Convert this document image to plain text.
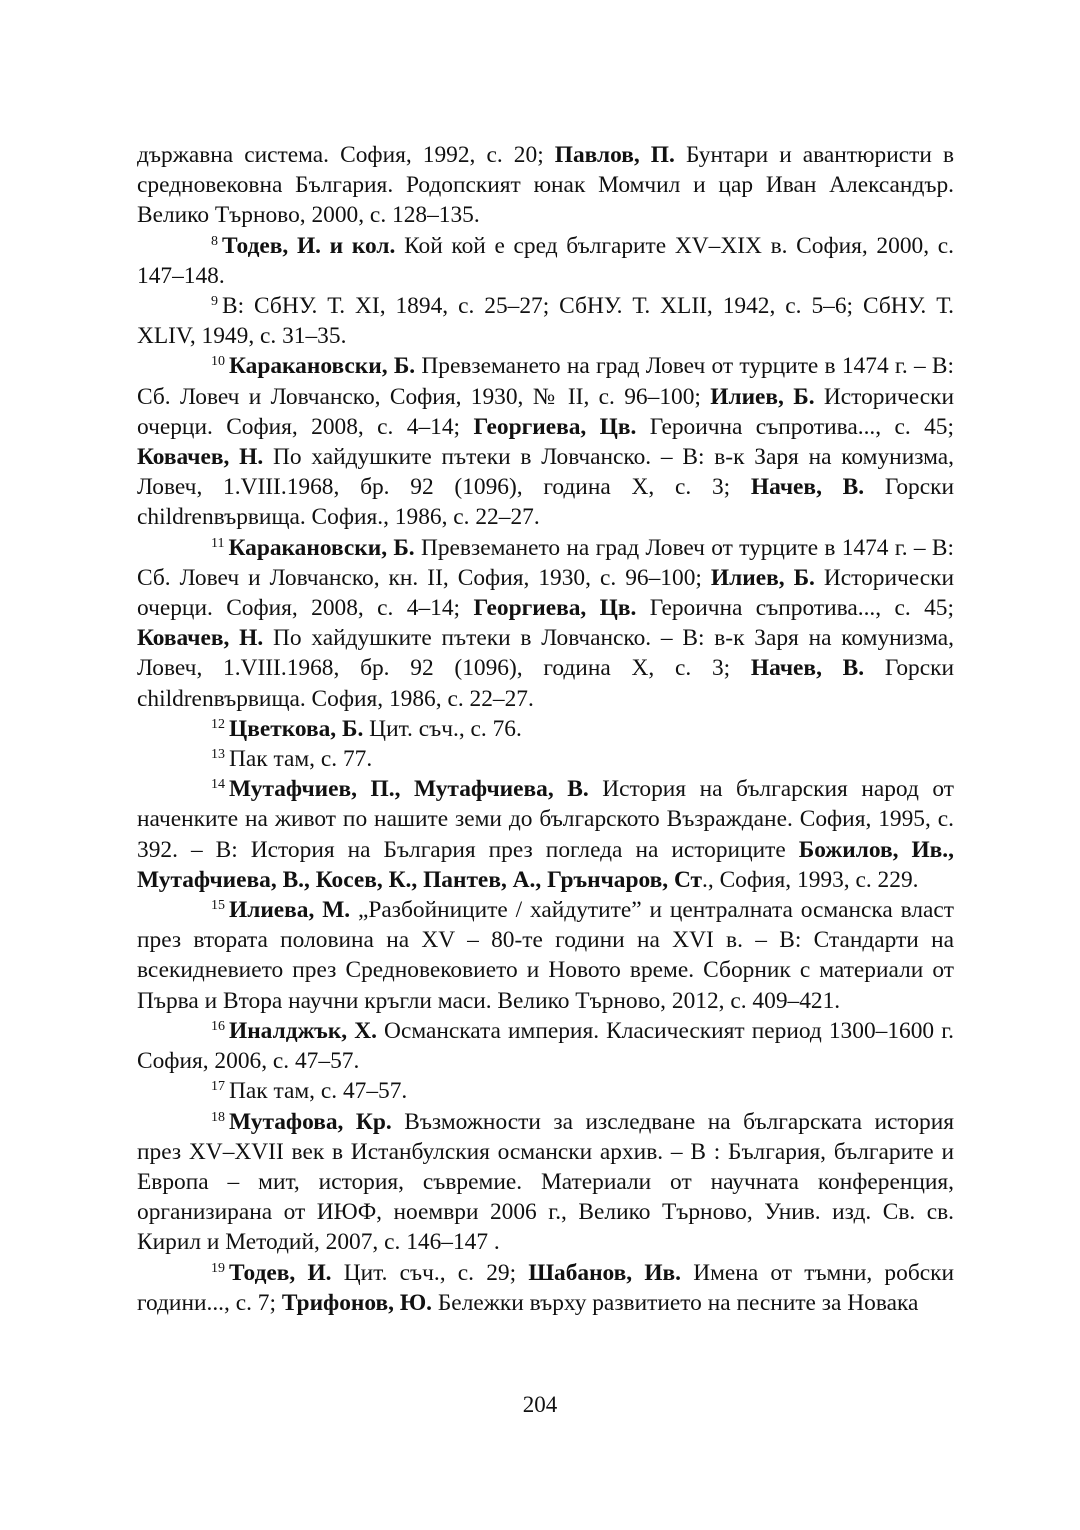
държавна система. София, 1992, с. 20; Павлов, П. Бунтари и авантюристи в средновековна България. Родопският юнак Момчил и цар Иван Александър. Велико Търново, 2000, с. 128–135.

$^8$ Тодев, И. и кол. Кой кой е сред българите XV–XIX в. София, 2000, с. 147–148.

$^9$ В: СбНУ. Т. XI, 1894, с. 25–27; СбНУ. Т. XLII, 1942, с. 5–6; СбНУ. Т. XLIV, 1949, с. 31–35.

$^{10}$ Каракановски, Б. Превземането на град Ловеч от турците в 1474 г. – В: Сб. Ловеч и Ловчанско, София, 1930, № II, с. 96–100; Илиев, Б. Исторически очерци. София, 2008, с. 4–14; Георгиева, Цв. Героична съпротива..., с. 45; Ковачев, Н. По хайдушките пътеки в Ловчанско. – В: в-к Заря на комунизма, Ловеч, 1.VIII.1968, бр. 92 (1096), година X, с. 3; Начев, В. Горски childrenвървища. София., 1986, с. 22–27.

$^{11}$ Каракановски, Б. Превземането на град Ловеч от турците в 1474 г. – В: Сб. Ловеч и Ловчанско, кн. II, София, 1930, с. 96–100; Илиев, Б. Исторически очерци. София, 2008, с. 4–14; Георгиева, Цв. Героична съпротива..., с. 45; Ковачев, Н. По хайдушките пътеки в Ловчанско. – В: в-к Заря на комунизма, Ловеч, 1.VIII.1968, бр. 92 (1096), година X, с. 3; Начев, В. Горски childrenвървища. София, 1986, с. 22–27.

$^{12}$ Цветкова, Б. Цит. съч., с. 76.

$^{13}$ Пак там, с. 77.

$^{14}$ Мутафчиев, П., Мутафчиева, В. История на българския народ от наченките на живот по нашите земи до българското Възраждане. София, 1995, с. 392. – В: История на България през погледа на историците Божилов, Ив., Мутафчиева, В., Косев, К., Пантев, А., Грънчаров, Ст., София, 1993, с. 229.

$^{15}$ Илиева, М. „Разбойниците / хайдутите” и централната османска власт през втората половина на XV – 80-те години на XVI в. – В: Стандарти на всекидневието през Средновековието и Новото време. Сборник с материали от Първа и Втора научни кръгли маси. Велико Търново, 2012, с. 409–421.

$^{16}$ Иналджък, Х. Османската империя. Класическият период 1300–1600 г. София, 2006, с. 47–57.

$^{17}$ Пак там, с. 47–57.

$^{18}$ Мутафова, Кр. Възможности за изследване на българската история през XV–XVII век в Истанбулския османски архив. – В : България, българите и Европа – мит, история, съвремие. Материали от научната конференция, организирана от ИЮФ, ноември 2006 г., Велико Търново, Унив. изд. Св. св. Кирил и Методий, 2007, с. 146–147 .

$^{19}$ Тодев, И. Цит. съч., с. 29; Шабанов, Ив. Имена от тъмни, робски години..., с. 7; Трифонов, Ю. Бележки върху развитието на песните за Новака

204
